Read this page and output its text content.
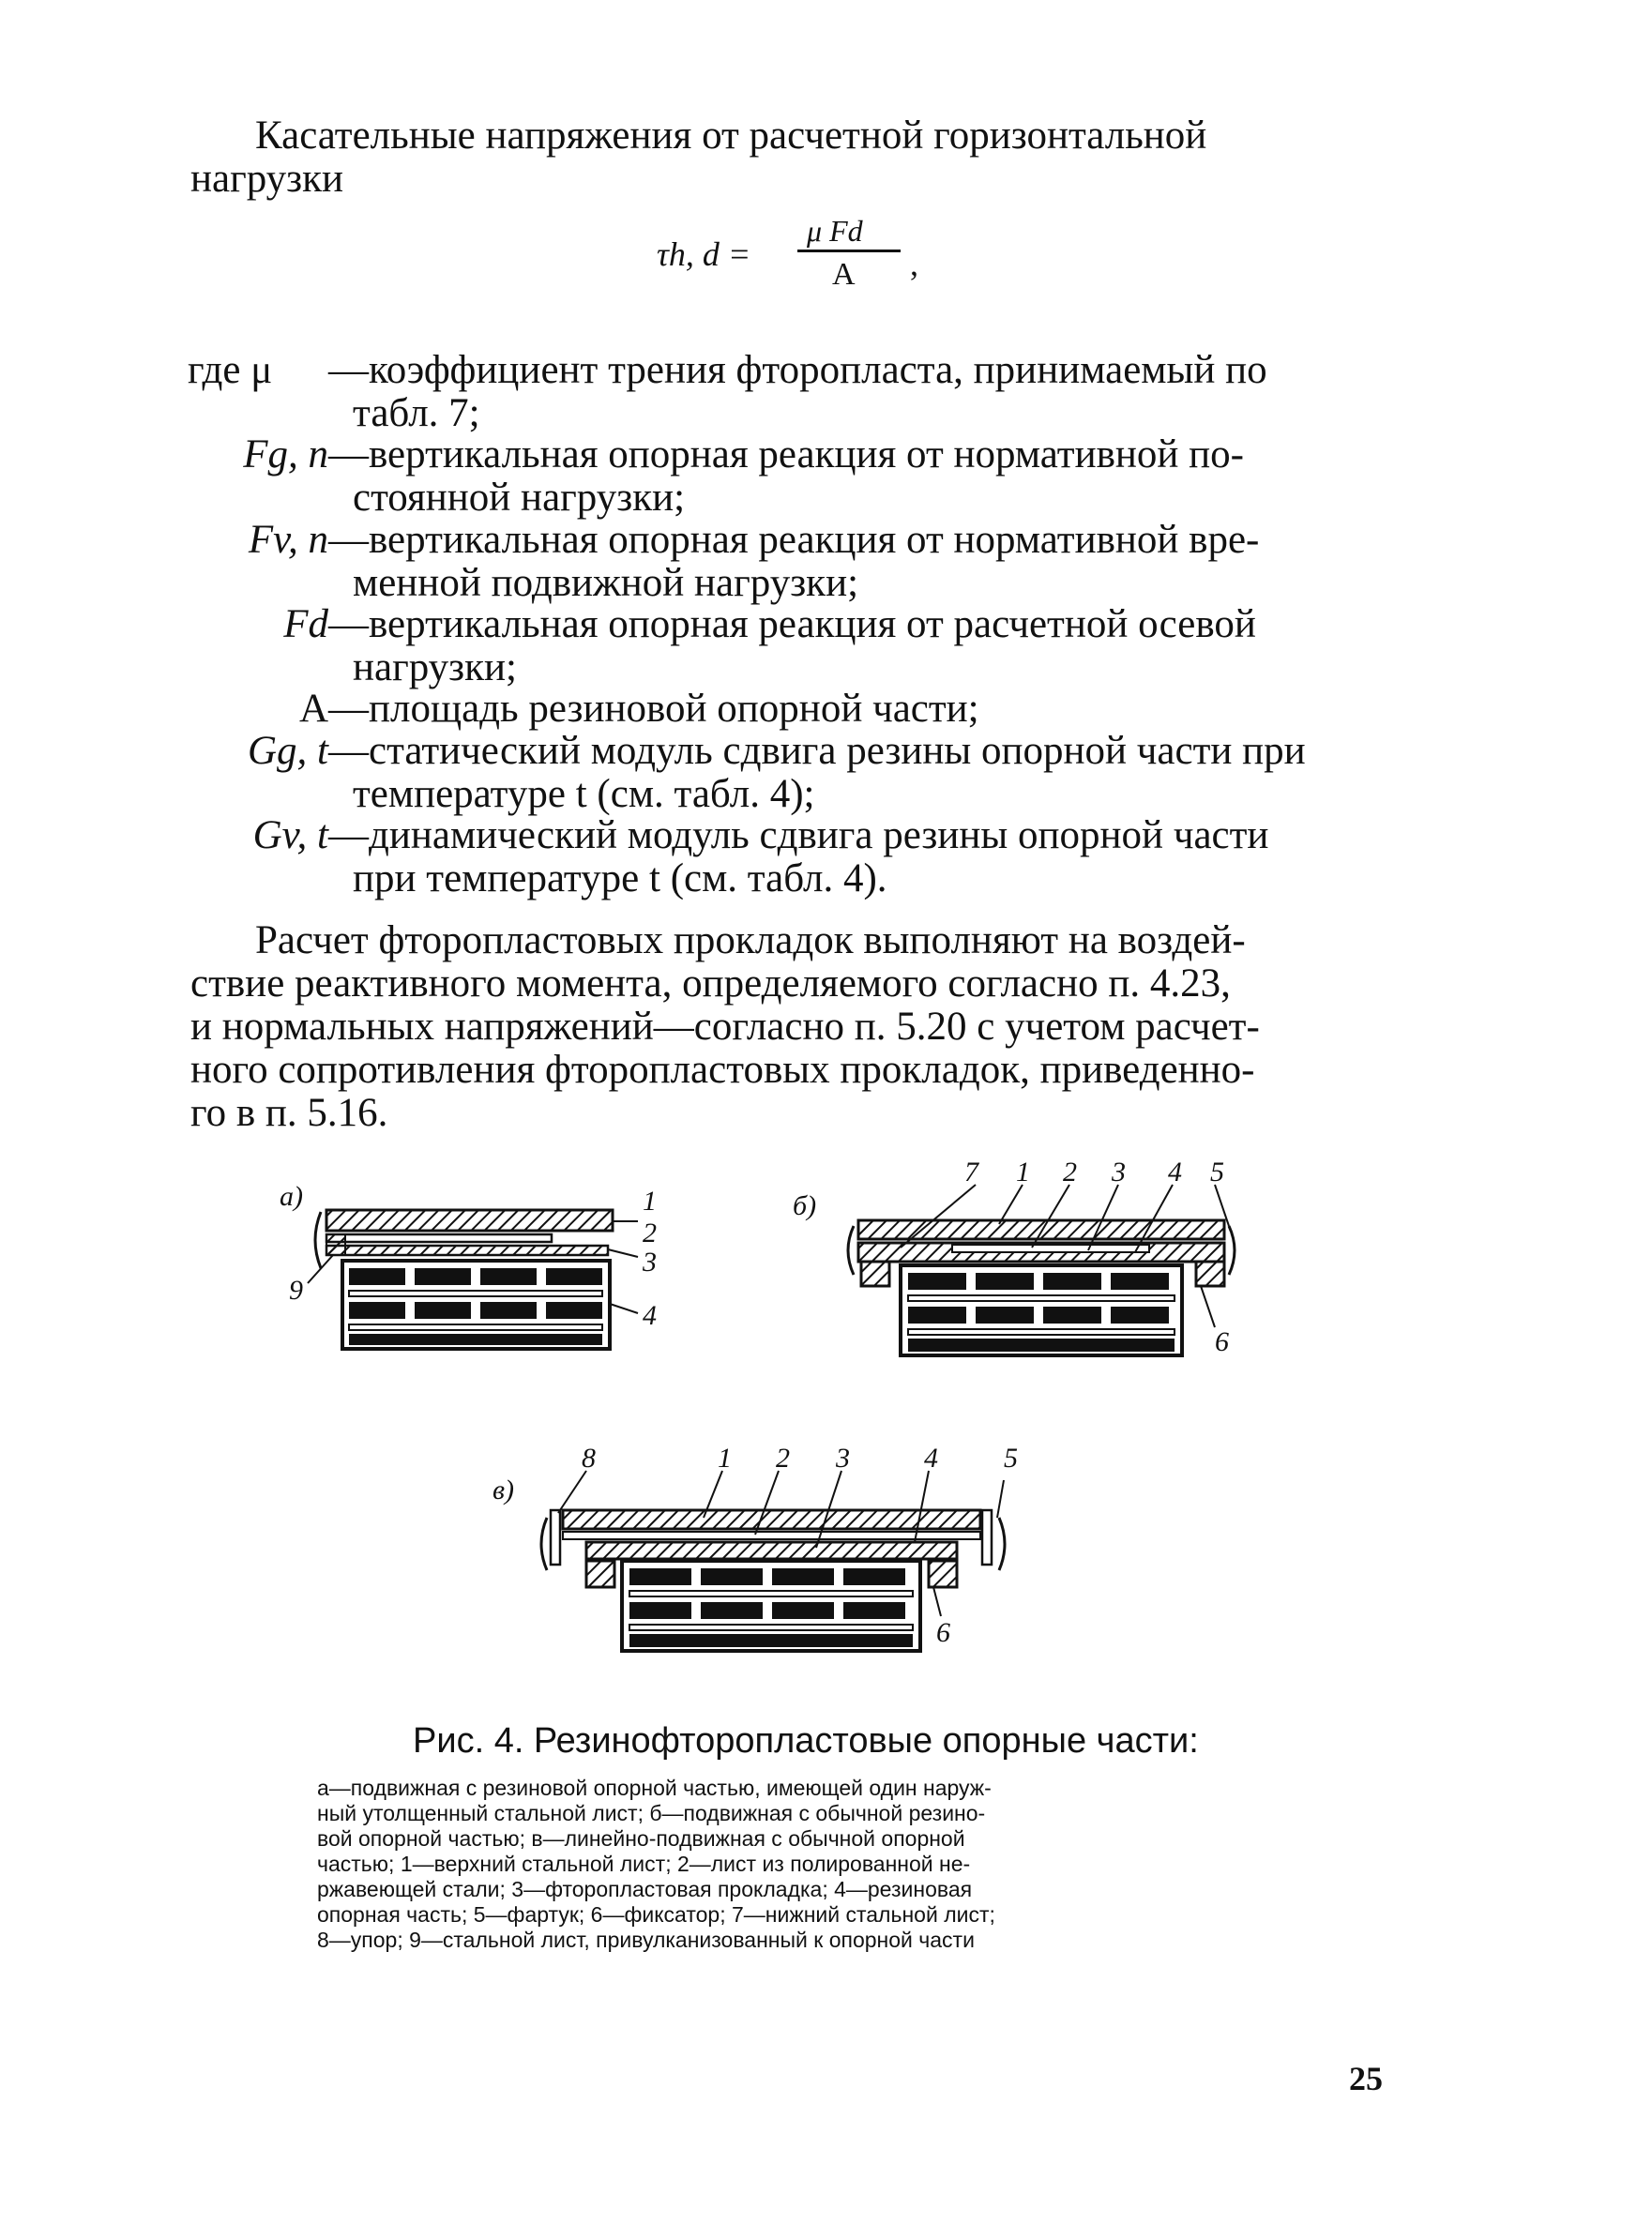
Касательные напряжения от расчетной горизонтальной
нагрузки
τh, d =
μ Fd
A ,
где μ	—коэффициент трения фторопласта, принимаемый по
табл. 7;
Fg, n —вертикальная опорная реакция от нормативной по-
стоянной нагрузки;
Fv, n —вертикальная опорная реакция от нормативной вре-
менной подвижной нагрузки;
Fd —вертикальная опорная реакция от расчетной осевой
нагрузки;
A —площадь резиновой опорной части;
Gg, t —статический модуль сдвига резины опорной части при
температуре t (см. табл. 4);
Gv, t —динамический модуль сдвига резины опорной части
при температуре t (см. табл. 4).
Расчет фторопластовых прокладок выполняют на воздей-
ствие реактивного момента, определяемого согласно п. 4.23,
и нормальных напряжений—согласно п. 5.20 с учетом расчет-
ного сопротивления фторопластовых прокладок, приведенно-
го в п. 5.16.
а)	1
2
3
4
9
б)
7 1 2 3 4 5
6
в)
8	1 2 3	4 5
6
Рис. 4. Резинофторопластовые опорные части:
а—подвижная с резиновой опорной частью, имеющей один наруж-
ный утолщенный стальной лист; б—подвижная с обычной резино-
вой опорной частью; в—линейно-подвижная с обычной опорной
частью; 1—верхний стальной лист; 2—лист из полированной не-
ржавеющей стали; 3—фторопластовая прокладка; 4—резиновая
опорная часть; 5—фартук; 6—фиксатор; 7—нижний стальной лист;
8—упор; 9—стальной лист, привулканизованный к опорной части
25
